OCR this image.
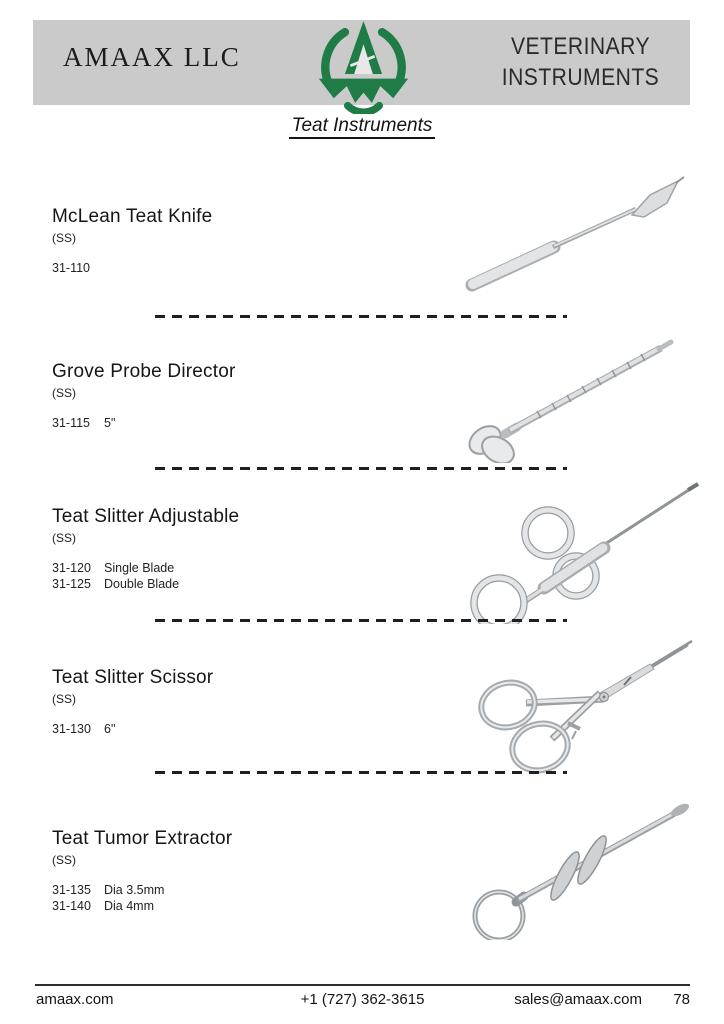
AMAAX LLC	VETERINARY
INSTRUMENTS
Teat Instruments
McLean Teat Knife
(SS)
31-110
Grove Probe Director
(SS)
31-115	5"
Teat Slitter Adjustable
(SS)
31-120	Single Blade
31-125	Double Blade
Teat Slitter Scissor
(SS)
31-130	6"
Teat Tumor Extractor
(SS)
31-135	Dia 3.5mm
31-140	Dia 4mm
amaax.com	+1 (727) 362-3615	sales@amaax.com 78
